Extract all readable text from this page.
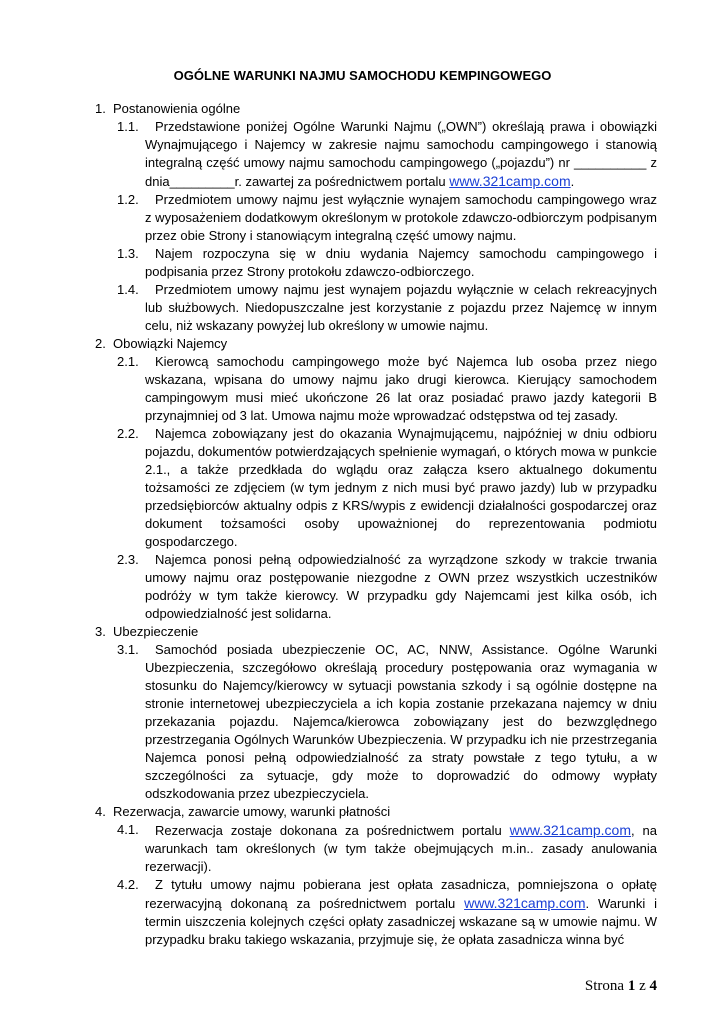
OGÓLNE WARUNKI NAJMU SAMOCHODU KEMPINGOWEGO
1. Postanowienia ogólne
1.1.	Przedstawione poniżej Ogólne Warunki Najmu („OWN”) określają prawa i obowiązki Wynajmującego i Najemcy w zakresie najmu samochodu campingowego i stanowią integralną część umowy najmu samochodu campingowego („pojazdu”) nr __________ z dnia_________r. zawartej za pośrednictwem portalu www.321camp.com.
1.2.	Przedmiotem umowy najmu jest wyłącznie wynajem samochodu campingowego wraz z wyposażeniem dodatkowym określonym w protokole zdawczo-odbiorczym podpisanym przez obie Strony i stanowiącym integralną część umowy najmu.
1.3.	Najem rozpoczyna się w dniu wydania Najemcy samochodu campingowego i podpisania przez Strony protokołu zdawczo-odbiorczego.
1.4.	Przedmiotem umowy najmu jest wynajem pojazdu wyłącznie w celach rekreacyjnych lub służbowych. Niedopuszczalne jest korzystanie z pojazdu przez Najemcę w innym celu, niż wskazany powyżej lub określony w umowie najmu.
2. Obowiązki Najemcy
2.1.	Kierowcą samochodu campingowego może być Najemca lub osoba przez niego wskazana, wpisana do umowy najmu jako drugi kierowca. Kierujący samochodem campingowym musi mieć ukończone 26 lat oraz posiadać prawo jazdy kategorii B przynajmniej od 3 lat. Umowa najmu może wprowadzać odstępstwa od tej zasady.
2.2.	Najemca zobowiązany jest do okazania Wynajmującemu, najpóźniej w dniu odbioru pojazdu, dokumentów potwierdzających spełnienie wymagań, o których mowa w punkcie 2.1., a także przedkłada do wglądu oraz załącza ksero aktualnego dokumentu tożsamości ze zdjęciem (w tym jednym z nich musi być prawo jazdy) lub w przypadku przedsiębiorców aktualny odpis z KRS/wypis z ewidencji działalności gospodarczej oraz dokument tożsamości osoby upoważnionej do reprezentowania podmiotu gospodarczego.
2.3.	Najemca ponosi pełną odpowiedzialność za wyrządzone szkody w trakcie trwania umowy najmu oraz postępowanie niezgodne z OWN przez wszystkich uczestników podróży w tym także kierowcy. W przypadku gdy Najemcami jest kilka osób, ich odpowiedzialność jest solidarna.
3. Ubezpieczenie
3.1.	Samochód posiada ubezpieczenie OC, AC, NNW, Assistance. Ogólne Warunki Ubezpieczenia, szczegółowo określają procedury postępowania oraz wymagania w stosunku do Najemcy/kierowcy w sytuacji powstania szkody i są ogólnie dostępne na stronie internetowej ubezpieczyciela a ich kopia zostanie przekazana najemcy w dniu przekazania pojazdu. Najemca/kierowca zobowiązany jest do bezwzględnego przestrzegania Ogólnych Warunków Ubezpieczenia. W przypadku ich nie przestrzegania Najemca ponosi pełną odpowiedzialność za straty powstałe z tego tytułu, a w szczególności za sytuacje, gdy może to doprowadzić do odmowy wypłaty odszkodowania przez ubezpieczyciela.
4. Rezerwacja, zawarcie umowy, warunki płatności
4.1.	Rezerwacja zostaje dokonana za pośrednictwem portalu www.321camp.com, na warunkach tam określonych (w tym także obejmujących m.in.. zasady anulowania rezerwacji).
4.2.	Z tytułu umowy najmu pobierana jest opłata zasadnicza, pomniejszona o opłatę rezerwacyjną dokonaną za pośrednictwem portalu www.321camp.com. Warunki i termin uiszczenia kolejnych części opłaty zasadniczej wskazane są w umowie najmu. W przypadku braku takiego wskazania, przyjmuje się, że opłata zasadnicza winna być
Strona 1 z 4
